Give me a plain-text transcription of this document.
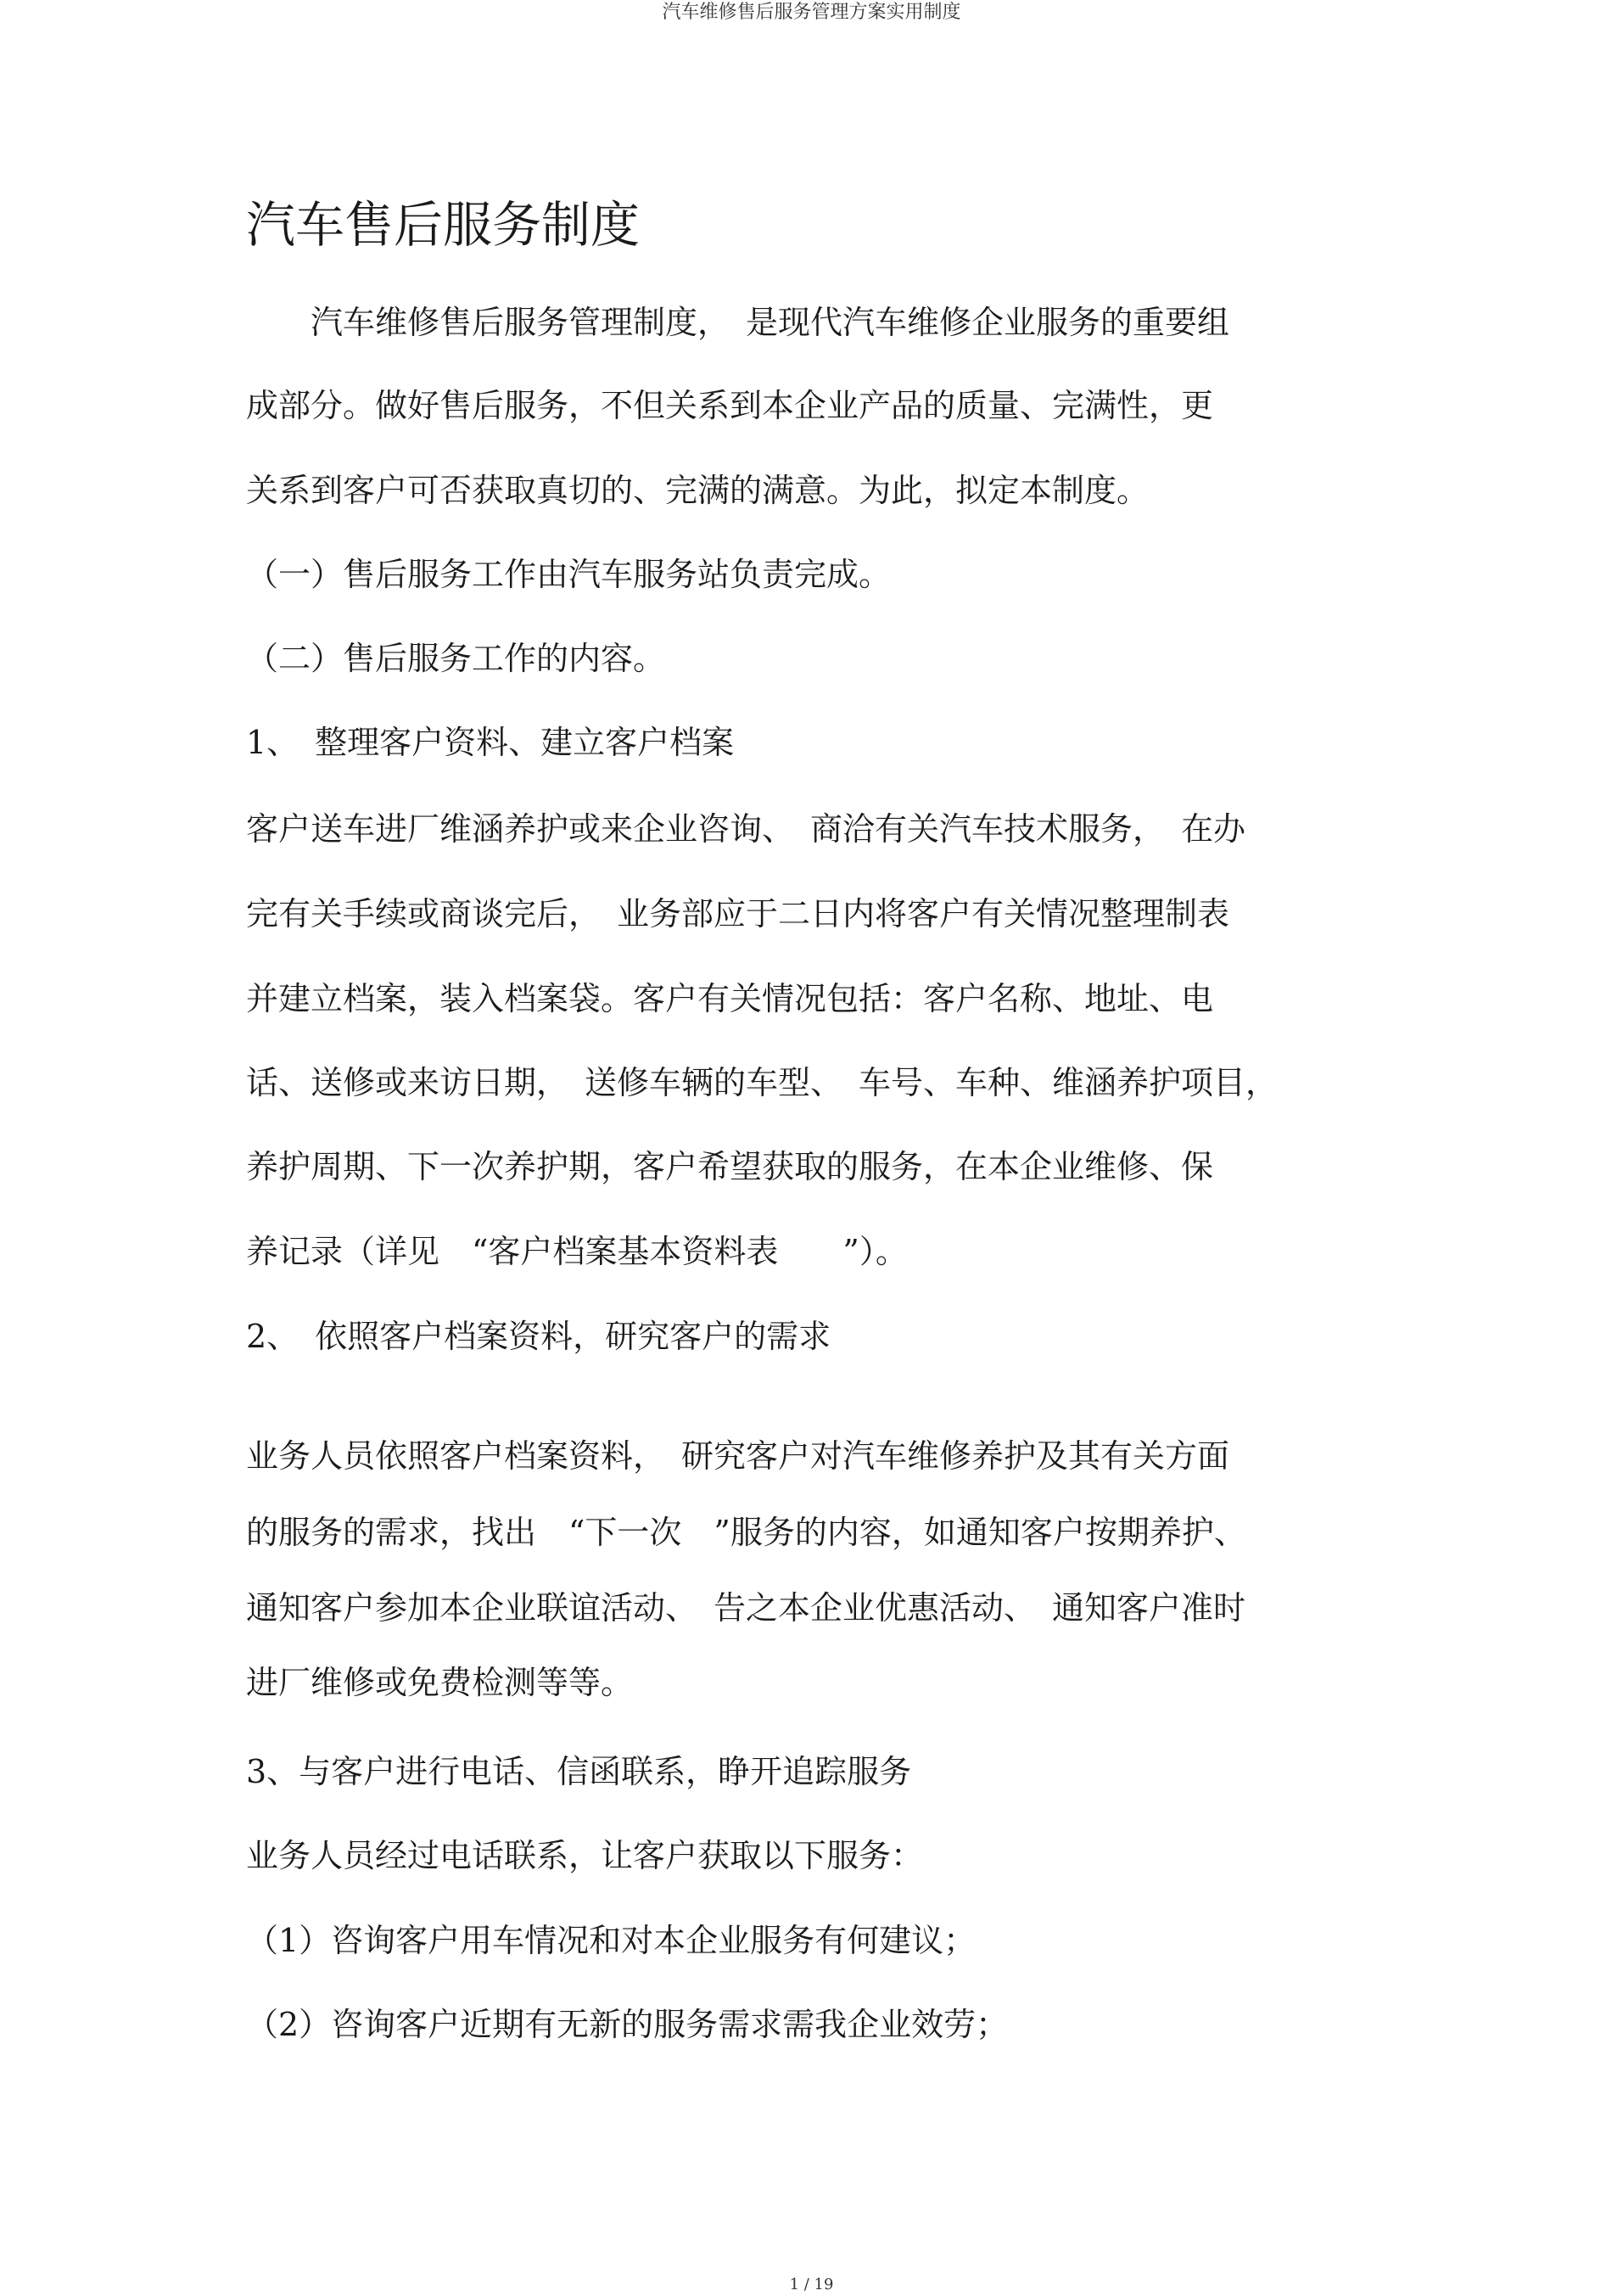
汽车维修售后服务管理方案实用制度
汽车售后服务制度
　　汽车维修售后服务管理制度，　是现代汽车维修企业服务的重要组
成部分。做好售后服务，不但关系到本企业产品的质量、完满性，更
关系到客户可否获取真切的、完满的满意。为此，拟定本制度。
（一）售后服务工作由汽车服务站负责完成。
（二）售后服务工作的内容。
1、　整理客户资料、建立客户档案
客户送车进厂维涵养护或来企业咨询、　商洽有关汽车技术服务，　在办
完有关手续或商谈完后，　业务部应于二日内将客户有关情况整理制表
并建立档案，装入档案袋。客户有关情况包括：客户名称、地址、电
话、送修或来访日期，　送修车辆的车型、　车号、车种、维涵养护项目，
养护周期、下一次养护期，客户希望获取的服务，在本企业维修、保
养记录（详见　“客户档案基本资料表　　”）。
2、　依照客户档案资料，研究客户的需求
业务人员依照客户档案资料，　研究客户对汽车维修养护及其有关方面
的服务的需求，找出　“下一次　”服务的内容，如通知客户按期养护、
通知客户参加本企业联谊活动、　告之本企业优惠活动、　通知客户准时
进厂维修或免费检测等等。
3、与客户进行电话、信函联系，睁开追踪服务
业务人员经过电话联系，让客户获取以下服务：
（1）咨询客户用车情况和对本企业服务有何建议；
（2）咨询客户近期有无新的服务需求需我企业效劳；
1 / 19
